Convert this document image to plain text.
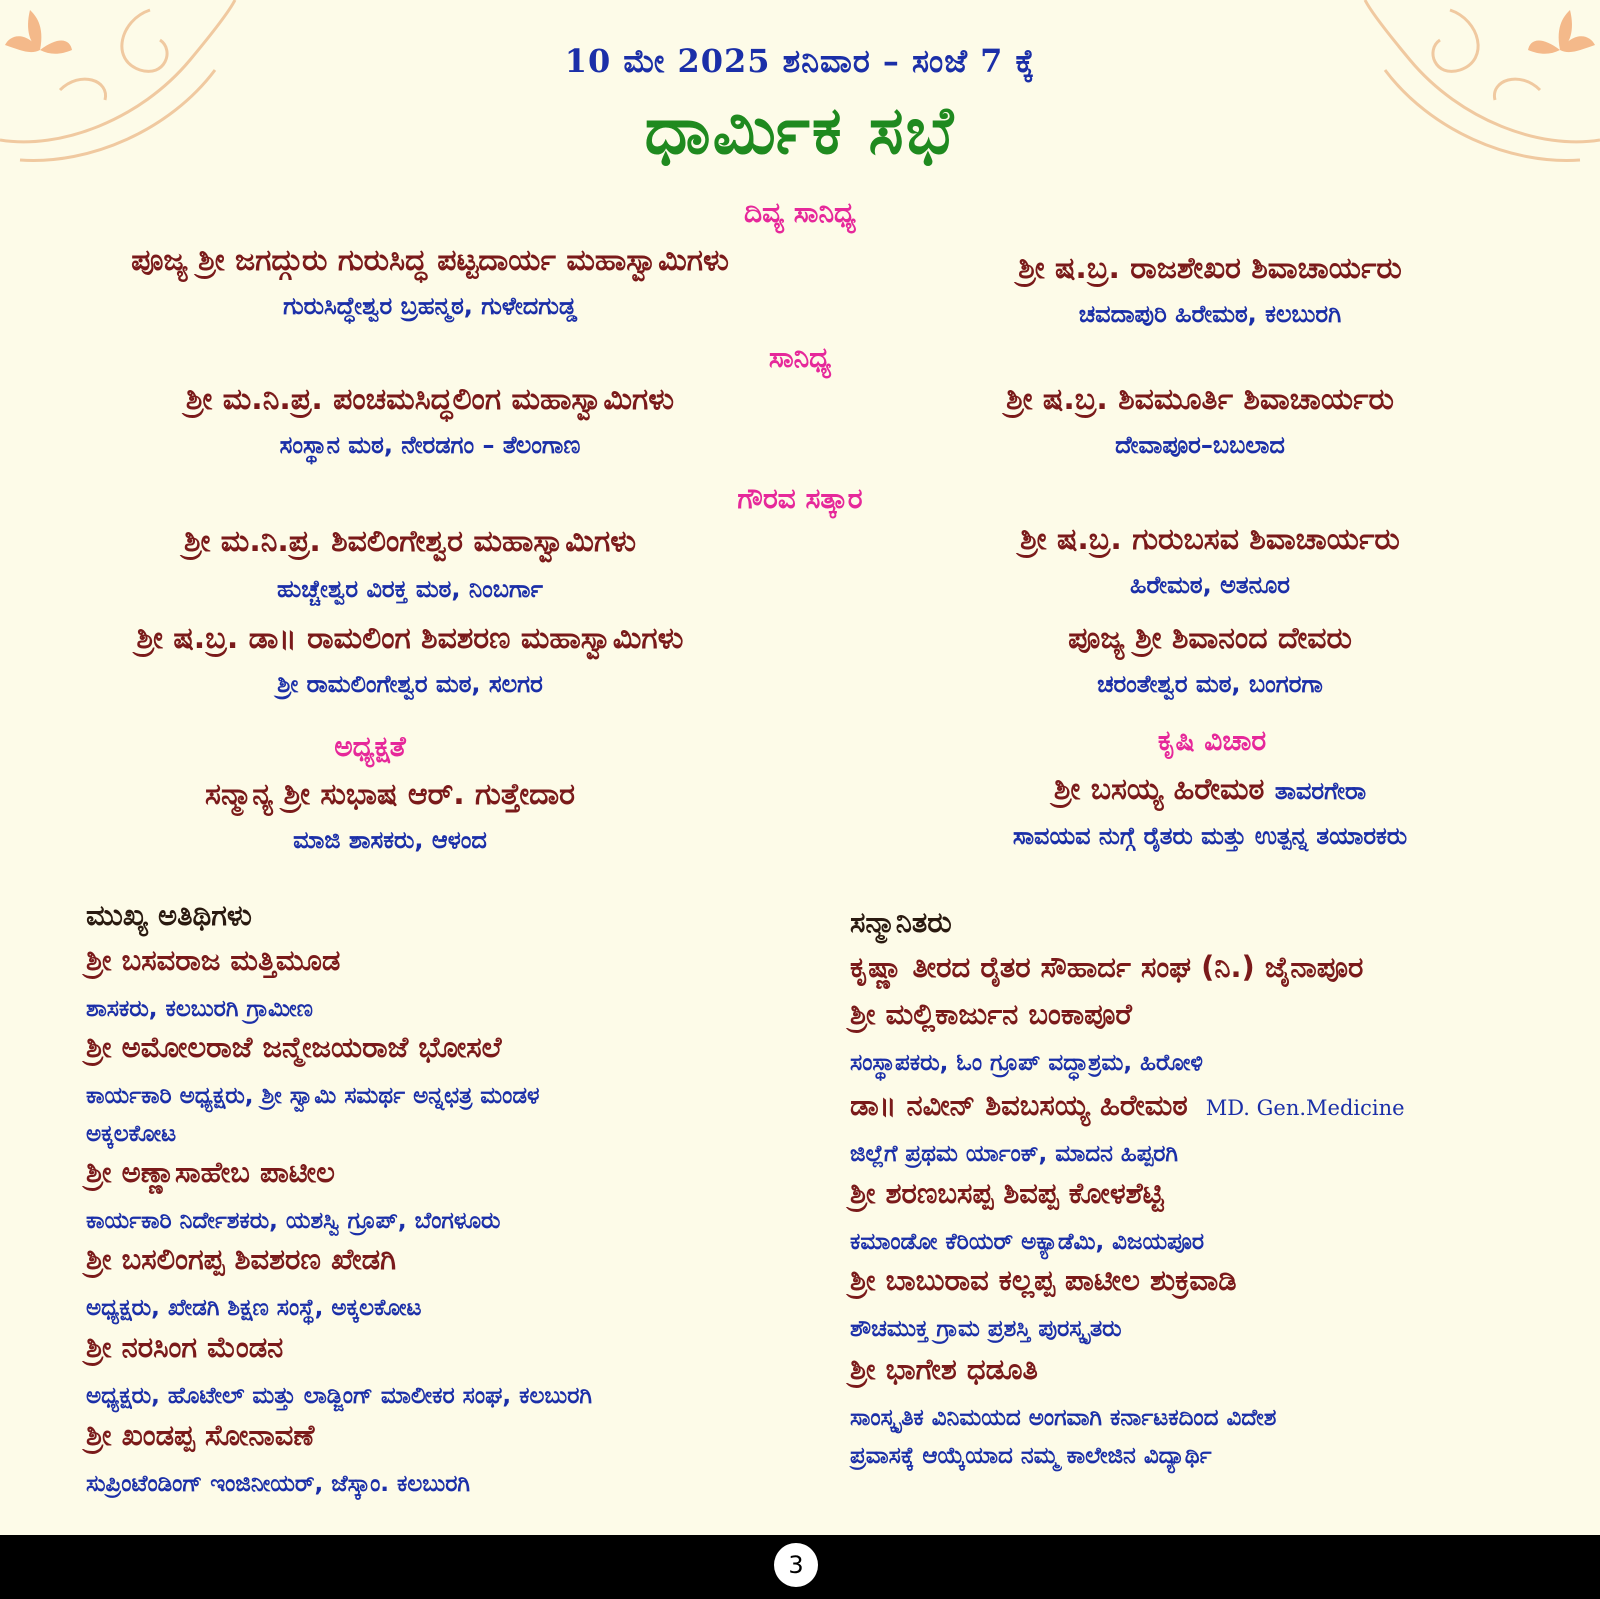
10 ಮೇ 2025 ಶನಿವಾರ – ಸಂಜೆ 7 ಕ್ಕೆ
ಧಾರ್ಮಿಕ ಸಭೆ
ದಿವ್ಯ ಸಾನಿಧ್ಯ
ಪೂಜ್ಯ ಶ್ರೀ ಜಗದ್ಗುರು ಗುರುಸಿದ್ಧ ಪಟ್ಟದಾರ್ಯ ಮಹಾಸ್ವಾಮಿಗಳು
ಗುರುಸಿದ್ಧೇಶ್ವರ ಬ್ರಹನ್ಮಠ, ಗುಳೇದಗುಡ್ಡ
ಶ್ರೀ ಷ.ಬ್ರ. ರಾಜಶೇಖರ ಶಿವಾಚಾರ್ಯರು
ಚವದಾಪುರಿ ಹಿರೇಮಠ, ಕಲಬುರಗಿ
ಸಾನಿಧ್ಯ
ಶ್ರೀ ಮ.ನಿ.ಪ್ರ. ಪಂಚಮಸಿದ್ಧಲಿಂಗ ಮಹಾಸ್ವಾಮಿಗಳು
ಸಂಸ್ಥಾನ ಮಠ, ನೇರಡಗಂ – ತೆಲಂಗಾಣ
ಶ್ರೀ ಷ.ಬ್ರ. ಶಿವಮೂರ್ತಿ ಶಿವಾಚಾರ್ಯರು
ದೇವಾಪೂರ–ಬಬಲಾದ
ಗೌರವ ಸತ್ಕಾರ
ಶ್ರೀ ಮ.ನಿ.ಪ್ರ. ಶಿವಲಿಂಗೇಶ್ವರ ಮಹಾಸ್ವಾಮಿಗಳು
ಹುಚ್ಚೇಶ್ವರ ವಿರಕ್ತ ಮಠ, ನಿಂಬರ್ಗಾ
ಶ್ರೀ ಷ.ಬ್ರ. ಗುರುಬಸವ ಶಿವಾಚಾರ್ಯರು
ಹಿರೇಮಠ, ಅತನೂರ
ಶ್ರೀ ಷ.ಬ್ರ. ಡಾ॥ ರಾಮಲಿಂಗ ಶಿವಶರಣ ಮಹಾಸ್ವಾಮಿಗಳು
ಶ್ರೀ ರಾಮಲಿಂಗೇಶ್ವರ ಮಠ, ಸಲಗರ
ಪೂಜ್ಯ ಶ್ರೀ ಶಿವಾನಂದ ದೇವರು
ಚರಂತೇಶ್ವರ ಮಠ, ಬಂಗರಗಾ
ಅಧ್ಯಕ್ಷತೆ	ಕೃಷಿ ವಿಚಾರ
ಸನ್ಮಾನ್ಯ ಶ್ರೀ ಸುಭಾಷ ಆರ್. ಗುತ್ತೇದಾರ
ಮಾಜಿ ಶಾಸಕರು, ಆಳಂದ
ಶ್ರೀ ಬಸಯ್ಯ ಹಿರೇಮಠ ತಾವರಗೇರಾ
ಸಾವಯವ ನುಗ್ಗೆ ರೈತರು ಮತ್ತು ಉತ್ಪನ್ನ ತಯಾರಕರು
ಮುಖ್ಯ ಅತಿಥಿಗಳು
ಶ್ರೀ ಬಸವರಾಜ ಮತ್ತಿಮೂಡ
ಶಾಸಕರು, ಕಲಬುರಗಿ ಗ್ರಾಮೀಣ
ಶ್ರೀ ಅಮೋಲರಾಜೆ ಜನ್ಮೇಜಯರಾಜೆ ಭೋಸಲೆ
ಕಾರ್ಯಕಾರಿ ಅಧ್ಯಕ್ಷರು, ಶ್ರೀ ಸ್ವಾಮಿ ಸಮರ್ಥ ಅನ್ನಛತ್ರ ಮಂಡಳ
ಅಕ್ಕಲಕೋಟ
ಶ್ರೀ ಅಣ್ಣಾಸಾಹೇಬ ಪಾಟೀಲ
ಕಾರ್ಯಕಾರಿ ನಿರ್ದೇಶಕರು, ಯಶಸ್ವಿ ಗ್ರೂಪ್, ಬೆಂಗಳೂರು
ಶ್ರೀ ಬಸಲಿಂಗಪ್ಪ ಶಿವಶರಣ ಖೇಡಗಿ
ಅಧ್ಯಕ್ಷರು, ಖೇಡಗಿ ಶಿಕ್ಷಣ ಸಂಸ್ಥೆ, ಅಕ್ಕಲಕೋಟ
ಶ್ರೀ ನರಸಿಂಗ ಮೆಂಡನ
ಅಧ್ಯಕ್ಷರು, ಹೊಟೇಲ್ ಮತ್ತು ಲಾಡ್ಜಿಂಗ್ ಮಾಲೀಕರ ಸಂಘ, ಕಲಬುರಗಿ
ಶ್ರೀ ಖಂಡಪ್ಪ ಸೋನಾವಣೆ
ಸುಪ್ರಿಂಟೆಂಡಿಂಗ್ ಇಂಜಿನೀಯರ್, ಜೆಸ್ಕಾಂ. ಕಲಬುರಗಿ
ಸನ್ಮಾನಿತರು
ಕೃಷ್ಣಾ ತೀರದ ರೈತರ ಸೌಹಾರ್ದ ಸಂಘ (ನಿ.) ಜೈನಾಪೂರ
ಶ್ರೀ ಮಲ್ಲಿಕಾರ್ಜುನ ಬಂಕಾಪೂರೆ
ಸಂಸ್ಥಾಪಕರು, ಓಂ ಗ್ರೂಪ್ ವದ್ಧಾಶ್ರಮ, ಹಿರೋಳಿ
ಡಾ॥ ನವೀನ್ ಶಿವಬಸಯ್ಯ ಹಿರೇಮಠ MD. Gen.Medicine
ಜಿಲ್ಲೆಗೆ ಪ್ರಥಮ ರ್ಯಾಂಕ್, ಮಾದನ ಹಿಪ್ಪರಗಿ
ಶ್ರೀ ಶರಣಬಸಪ್ಪ ಶಿವಪ್ಪ ಕೋಳಶೆಟ್ಟಿ
ಕಮಾಂಡೋ ಕೆರಿಯರ್ ಅಕ್ಯಾಡೆಮಿ, ವಿಜಯಪೂರ
ಶ್ರೀ ಬಾಬುರಾವ ಕಲ್ಲಪ್ಪ ಪಾಟೀಲ ಶುಕ್ರವಾಡಿ
ಶೌಚಮುಕ್ತ ಗ್ರಾಮ ಪ್ರಶಸ್ತಿ ಪುರಸ್ಕೃತರು
ಶ್ರೀ ಭಾಗೇಶ ಧಡೂತಿ
ಸಾಂಸ್ಕೃತಿಕ ವಿನಿಮಯದ ಅಂಗವಾಗಿ ಕರ್ನಾಟಕದಿಂದ ವಿದೇಶ
ಪ್ರವಾಸಕ್ಕೆ ಆಯ್ಕೆಯಾದ ನಮ್ಮ ಕಾಲೇಜಿನ ವಿದ್ಯಾರ್ಥಿ
3
